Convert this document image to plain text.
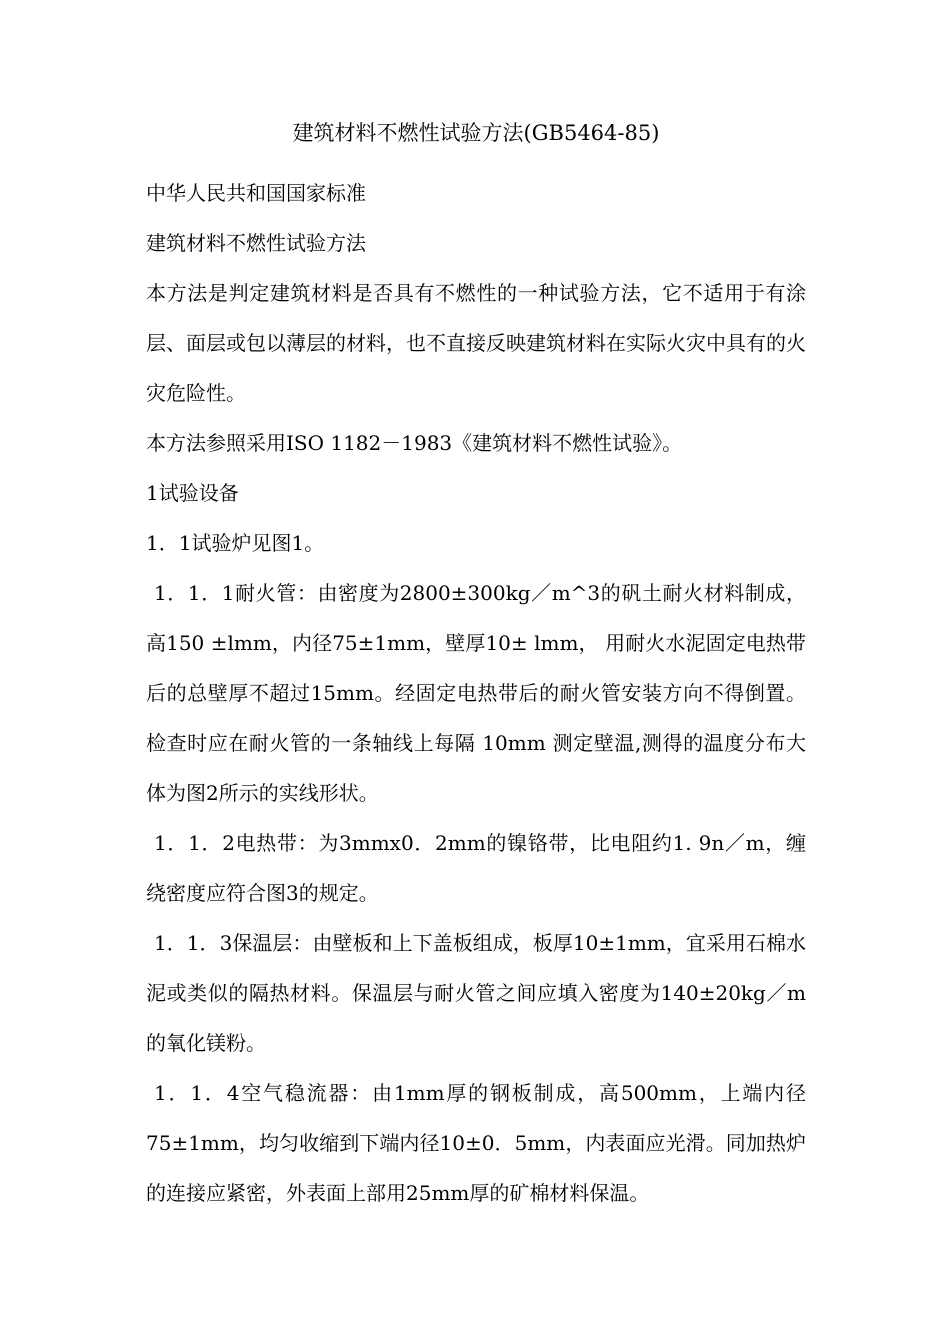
建筑材料不燃性试验方法(GB5464-85)

中华人民共和国国家标准

建筑材料不燃性试验方法

本方法是判定建筑材料是否具有不燃性的一种试验方法，它不适用于有涂层、面层或包以薄层的材料，也不直接反映建筑材料在实际火灾中具有的火灾危险性。

本方法参照采用ISO 1182－1983《建筑材料不燃性试验》。

1试验设备

1．1试验炉见图1。

1．1．1耐火管：由密度为2800±300kg／m^3的矾土耐火材料制成，高150 ±lmm，内径75±1mm，壁厚10± lmm， 用耐火水泥固定电热带后的总壁厚不超过15mm。经固定电热带后的耐火管安装方向不得倒置。检查时应在耐火管的一条轴线上每隔 10mm 测定壁温,测得的温度分布大体为图2所示的实线形状。

1．1．2电热带：为3mmx0．2mm的镍铬带，比电阻约1. 9n／m，缠绕密度应符合图3的规定。

1．1．3保温层：由壁板和上下盖板组成，板厚10±1mm，宜采用石棉水泥或类似的隔热材料。保温层与耐火管之间应填入密度为140±20kg／m的氧化镁粉。

1．1．4空气稳流器：由1mm厚的钢板制成，高500mm，上端内径75±1mm，均匀收缩到下端内径10±0．5mm，内表面应光滑。同加热炉的连接应紧密，外表面上部用25mm厚的矿棉材料保温。
